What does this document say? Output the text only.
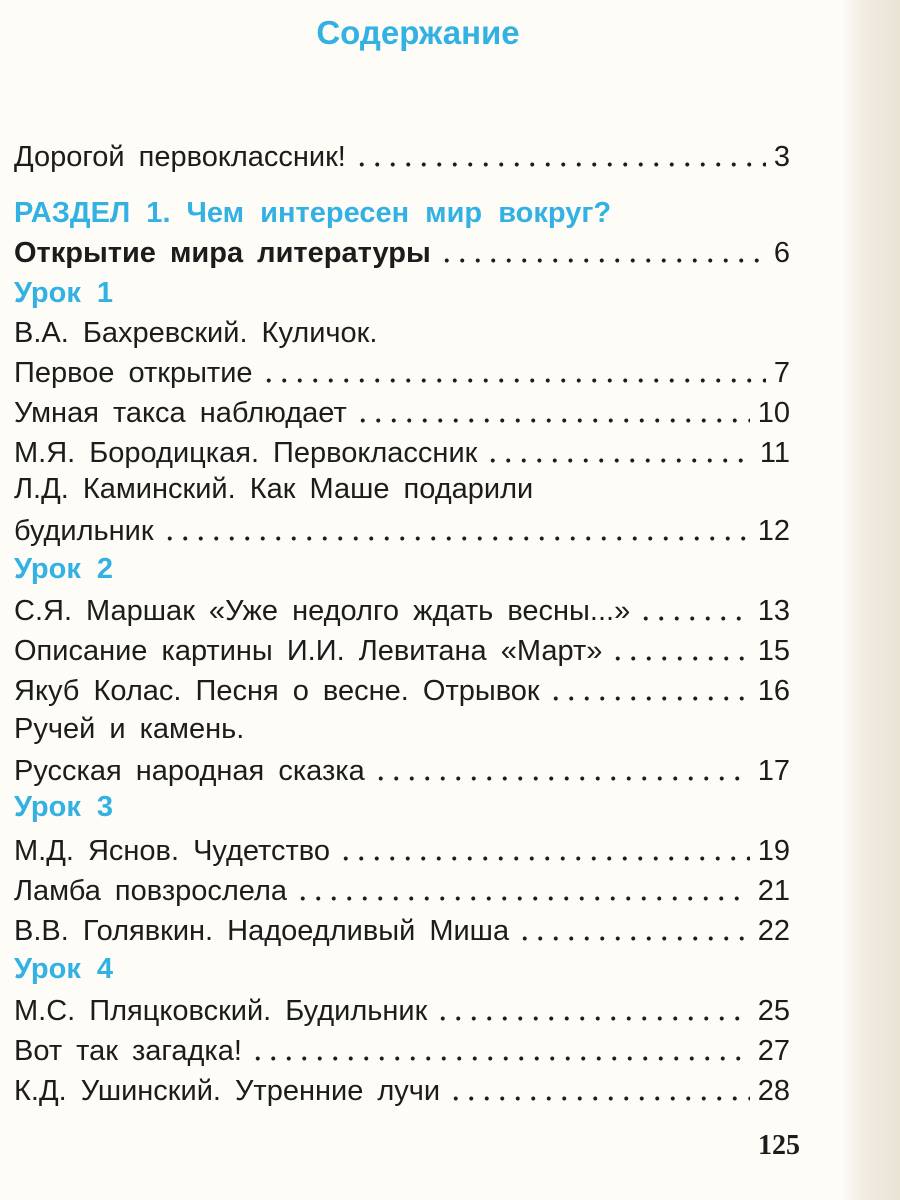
Содержание
Дорогой первоклассник!	3
РАЗДЕЛ 1. Чем интересен мир вокруг?
Открытие мира литературы	6
Урок 1
В.А. Бахревский. Куличок.
Первое открытие	7
Умная такса наблюдает	10
М.Я. Бородицкая. Первоклассник	11
Л.Д. Каминский. Как Маше подарили
будильник	12
Урок 2
С.Я. Маршак «Уже недолго ждать весны...»	13
Описание картины И.И. Левитана «Март»	15
Якуб Колас. Песня о весне. Отрывок	16
Ручей и камень.
Русская народная сказка	17
Урок 3
М.Д. Яснов. Чудетство	19
Ламба повзрослела	21
В.В. Голявкин. Надоедливый Миша	22
Урок 4
М.С. Пляцковский. Будильник	25
Вот так загадка!	27
К.Д. Ушинский. Утренние лучи	28
125
